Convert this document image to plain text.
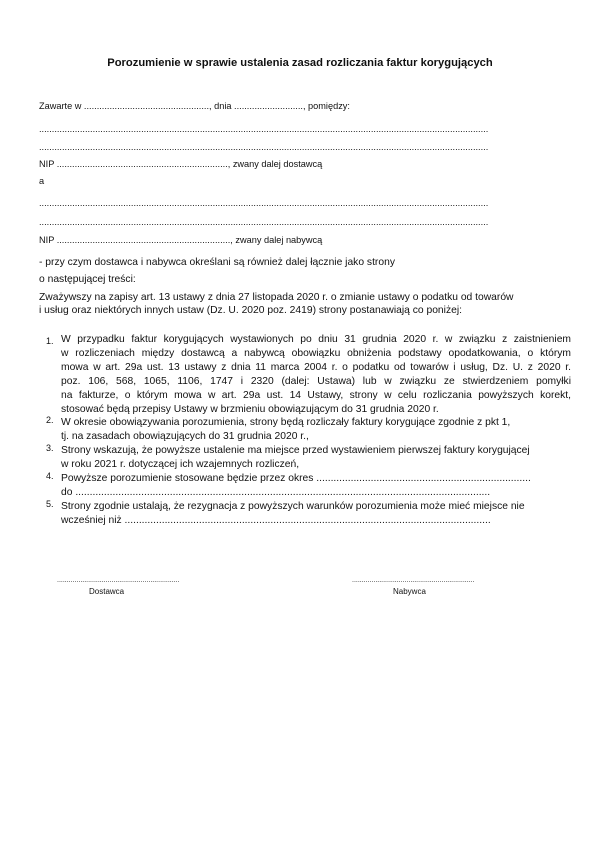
Porozumienie w sprawie ustalenia zasad rozliczania faktur korygujących
Zawarte w ................................................., dnia ..........................., pomiędzy:
................................................................................................................................................................................
................................................................................................................................................................................
NIP ..................................................................., zwany dalej dostawcą
a
................................................................................................................................................................................
................................................................................................................................................................................
NIP ...................................................................., zwany dalej nabywcą
- przy czym dostawca i nabywca określani są również dalej łącznie jako strony
o następującej treści:
Zważywszy na zapisy art. 13 ustawy z dnia 27 listopada 2020 r. o zmianie ustawy o podatku od towarów
i usług oraz niektórych innych ustaw (Dz. U. 2020 poz. 2419) strony postanawiają co poniżej:
1. W przypadku faktur korygujących wystawionych po dniu 31 grudnia 2020 r. w związku z zaistnieniem
w rozliczeniach między dostawcą a nabywcą obowiązku obniżenia podstawy opodatkowania, o którym
mowa w art. 29a ust. 13 ustawy z dnia 11 marca 2004 r. o podatku od towarów i usług, Dz. U. z 2020 r.
poz. 106, 568, 1065, 1106, 1747 i 2320 (dalej: Ustawa) lub w związku ze stwierdzeniem pomyłki
na fakturze, o którym mowa w art. 29a ust. 14 Ustawy, strony w celu rozliczania powyższych korekt,
stosować będą przepisy Ustawy w brzmieniu obowiązującym do 31 grudnia 2020 r.
2. W okresie obowiązywania porozumienia, strony będą rozliczały faktury korygujące zgodnie z pkt 1,
tj. na zasadach obowiązujących do 31 grudnia 2020 r.,
3. Strony wskazują, że powyższe ustalenie ma miejsce przed wystawieniem pierwszej faktury korygującej
w roku 2021 r. dotyczącej ich wzajemnych rozliczeń,
4. Powyższe porozumienie stosowane będzie przez okres ...........................................................................
do .................................................................................................................................................
5. Strony zgodnie ustalają, że rezygnacja z powyższych warunków porozumienia może mieć miejsce nie
wcześniej niż ................................................................................................................................
...............................................................
Dostawca
...............................................................
Nabywca
